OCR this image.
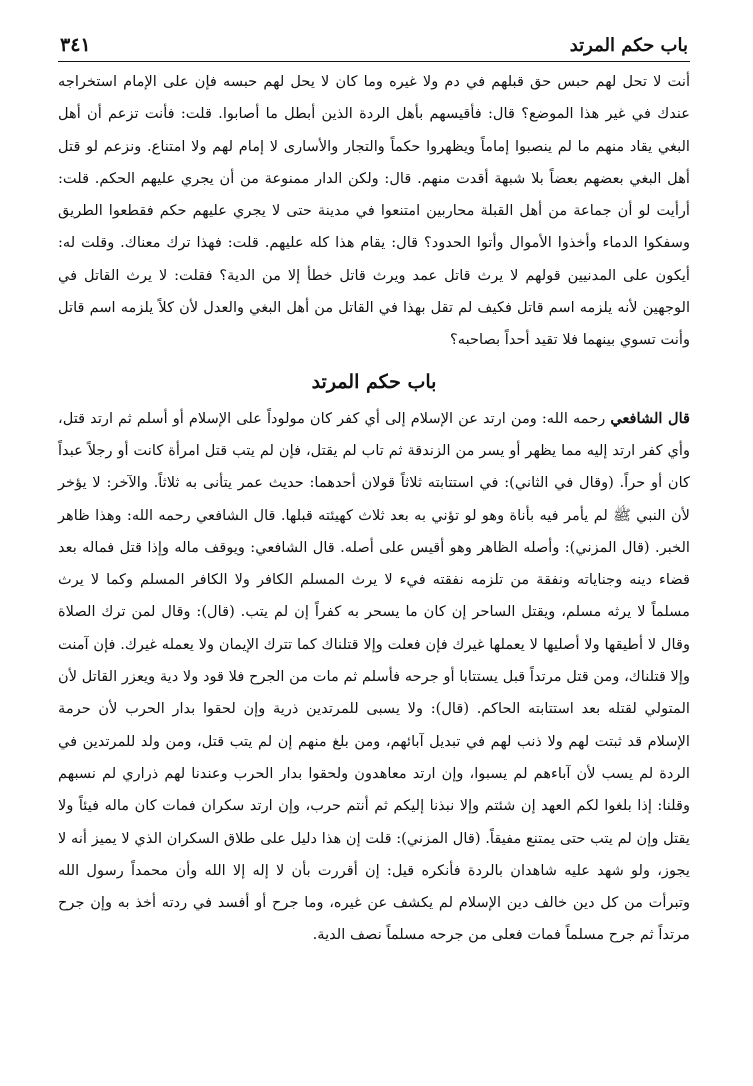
باب حكم المرتد
٣٤١

أنت لا تحل لهم حبس حق قبلهم في دم ولا غيره وما كان لا يحل لهم حبسه فإن على الإمام استخراجه عندك في غير هذا الموضع؟ قال: فأقيسهم بأهل الردة الذين أبطل ما أصابوا. قلت: فأنت تزعم أن أهل البغي يقاد منهم ما لم ينصبوا إماماً ويظهروا حكماً والتجار والأسارى لا إمام لهم ولا امتناع. ونزعم لو قتل أهل البغي بعضهم بعضاً بلا شبهة أقدت منهم. قال: ولكن الدار ممنوعة من أن يجري عليهم الحكم. قلت: أرأيت لو أن جماعة من أهل القبلة محاربين امتنعوا في مدينة حتى لا يجري عليهم حكم فقطعوا الطريق وسفكوا الدماء وأخذوا الأموال وأتوا الحدود؟ قال: يقام هذا كله عليهم. قلت: فهذا ترك معناك. وقلت له: أيكون على المدنيين قولهم لا يرث قاتل عمد ويرث قاتل خطأ إلا من الدية؟ فقلت: لا يرث القاتل في الوجهين لأنه يلزمه اسم قاتل فكيف لم تقل بهذا في القاتل من أهل البغي والعدل لأن كلاً يلزمه اسم قاتل وأنت تسوي بينهما فلا تقيد أحداً بصاحبه؟

باب حكم المرتد

قال الشافعي رحمه الله: ومن ارتد عن الإسلام إلى أي كفر كان مولوداً على الإسلام أو أسلم ثم ارتد قتل، وأي كفر ارتد إليه مما يظهر أو يسر من الزندقة ثم تاب لم يقتل، فإن لم يتب قتل امرأة كانت أو رجلاً عبداً كان أو حراً. (وقال في الثاني): في استتابته ثلاثاً قولان أحدهما: حديث عمر يتأنى به ثلاثاً. والآخر: لا يؤخر لأن النبي ﷺ لم يأمر فيه بأناة وهو لو تؤني به بعد ثلاث كهيئته قبلها. قال الشافعي رحمه الله: وهذا ظاهر الخبر. (قال المزني): وأصله الظاهر وهو أقيس على أصله. قال الشافعي: ويوقف ماله وإذا قتل فماله بعد قضاء دينه وجناياته ونفقة من تلزمه نفقته فيء لا يرث المسلم الكافر ولا الكافر المسلم وكما لا يرث مسلماً لا يرثه مسلم، ويقتل الساحر إن كان ما يسحر به كفراً إن لم يتب. (قال): وقال لمن ترك الصلاة وقال لا أطيقها ولا أصليها لا يعملها غيرك فإن فعلت وإلا قتلناك كما تترك الإيمان ولا يعمله غيرك. فإن آمنت وإلا قتلناك، ومن قتل مرتداً قبل يستتابا أو جرحه فأسلم ثم مات من الجرح فلا قود ولا دية ويعزر القاتل لأن المتولي لقتله بعد استتابته الحاكم. (قال): ولا يسبى للمرتدين ذرية وإن لحقوا بدار الحرب لأن حرمة الإسلام قد ثبتت لهم ولا ذنب لهم في تبديل آبائهم، ومن بلغ منهم إن لم يتب قتل، ومن ولد للمرتدين في الردة لم يسب لأن آباءهم لم يسبوا، وإن ارتد معاهدون ولحقوا بدار الحرب وعندنا لهم ذراري لم نسبهم وقلنا: إذا بلغوا لكم العهد إن شئتم وإلا نبذنا إليكم ثم أنتم حرب، وإن ارتد سكران فمات كان ماله فيئاً ولا يقتل وإن لم يتب حتى يمتنع مفيقاً. (قال المزني): قلت إن هذا دليل على طلاق السكران الذي لا يميز أنه لا يجوز، ولو شهد عليه شاهدان بالردة فأنكره قيل: إن أقررت بأن لا إله إلا الله وأن محمداً رسول الله وتبرأت من كل دين خالف دين الإسلام لم يكشف عن غيره، وما جرح أو أفسد في ردته أخذ به وإن جرح مرتداً ثم جرح مسلماً فمات فعلى من جرحه مسلماً نصف الدية.
